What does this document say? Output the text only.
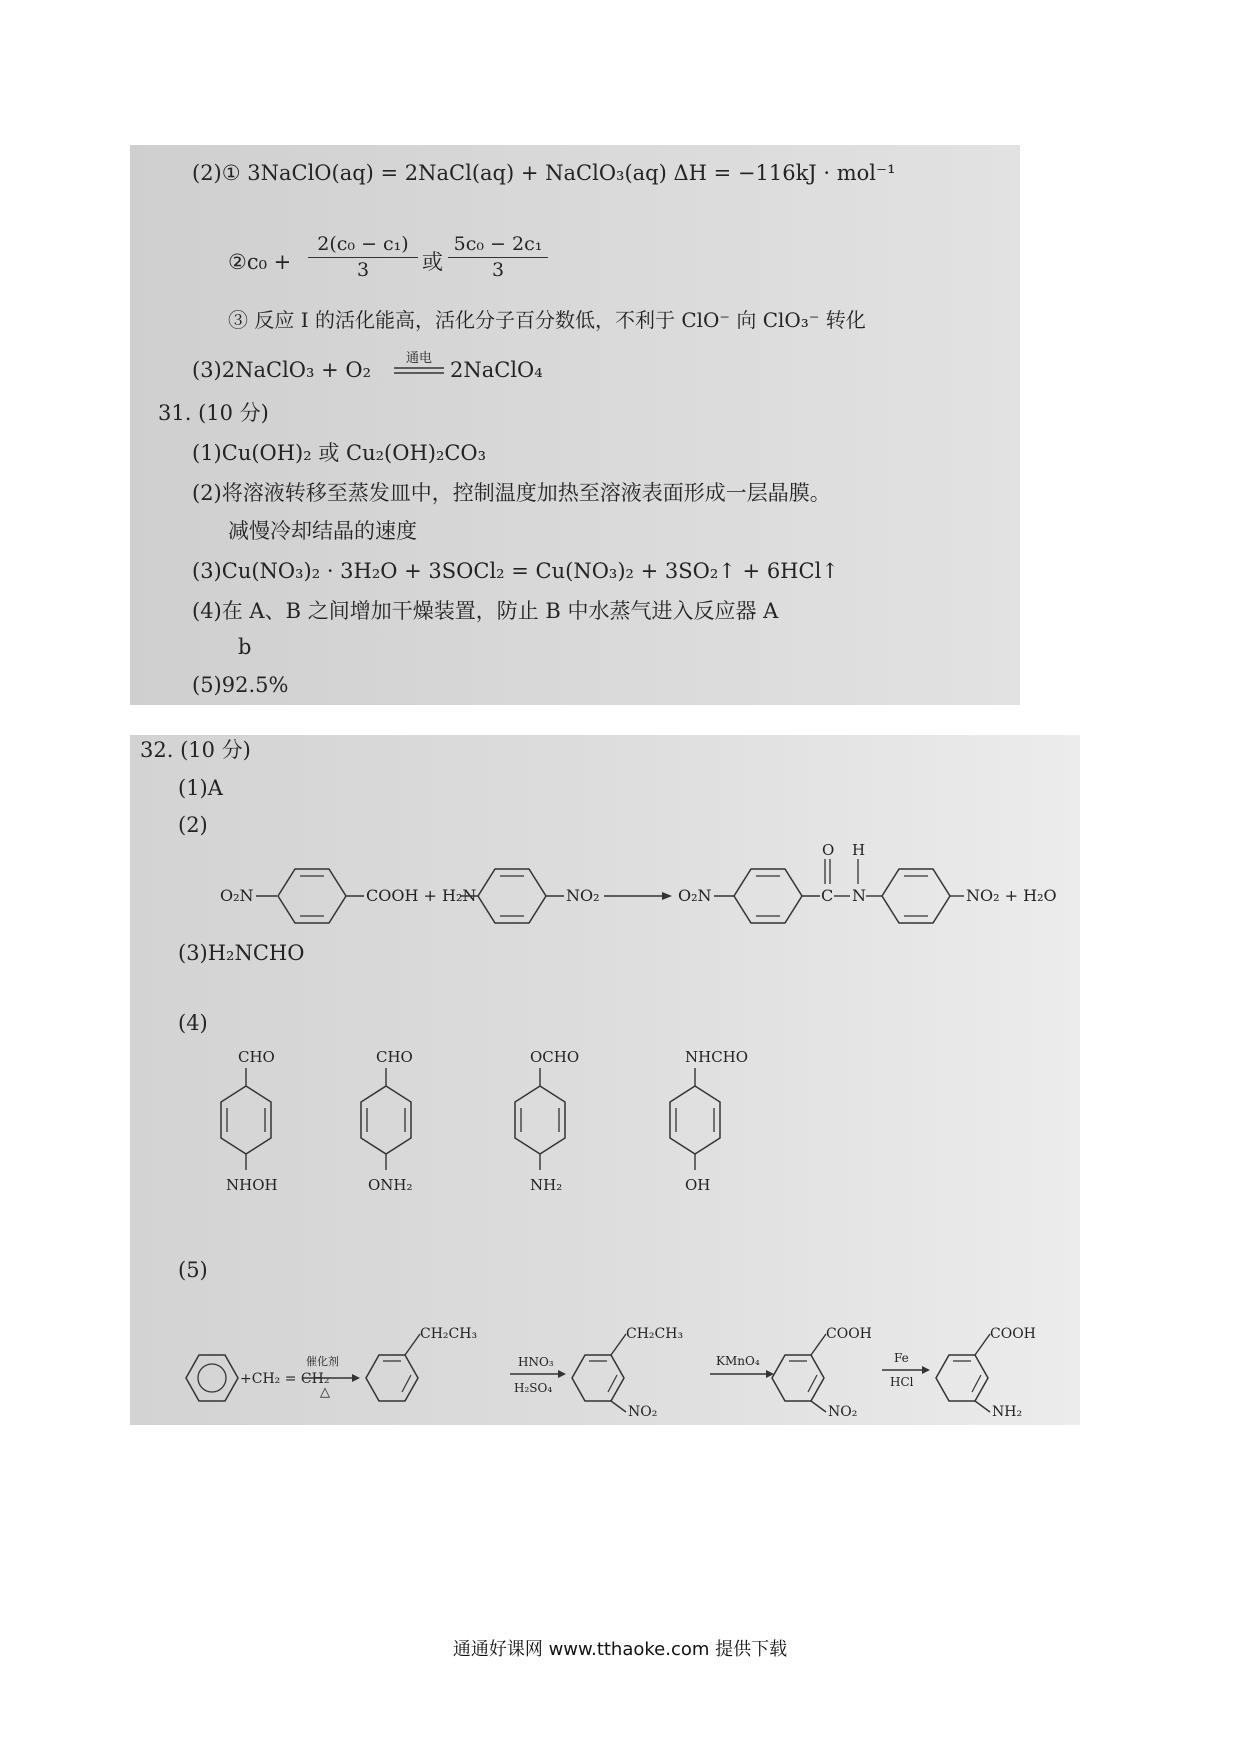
(2)① 3NaClO(aq) = 2NaCl(aq) + NaClO₃(aq) ΔH = −116kJ · mol⁻¹
②c₀ +
2(c₀ − c₁)
3	或
5c₀ − 2c₁
3
③ 反应 I 的活化能高，活化分子百分数低，不利于 ClO⁻ 向 ClO₃⁻ 转化
(3)2NaClO₃ + O₂	通电 2NaClO₄
31. (10 分)
(1)Cu(OH)₂ 或 Cu₂(OH)₂CO₃
(2)将溶液转移至蒸发皿中，控制温度加热至溶液表面形成一层晶膜。
减慢冷却结晶的速度
(3)Cu(NO₃)₂ · 3H₂O + 3SOCl₂ = Cu(NO₃)₂ + 3SO₂↑ + 6HCl↑
(4)在 A、B 之间增加干燥装置，防止 B 中水蒸气进入反应器 A
b
(5)92.5%
32. (10 分)
(1)A
(2)
O₂N	COOH + H₂N	NO₂	O₂N	C
O
N
H
NO₂ + H₂O
(3)H₂NCHO
(4)
CHO	CHO	OCHO	NHCHO
NHOH	ONH₂	NH₂	OH
(5)
+CH₂ = CH₂
催化剂
△
CH₂CH₃
HNO₃
H₂SO₄
CH₂CH₃
NO₂
KMnO₄
COOH
NO₂
Fe
HCl
COOH
NH₂
通通好课网 www.tthaoke.com 提供下载
